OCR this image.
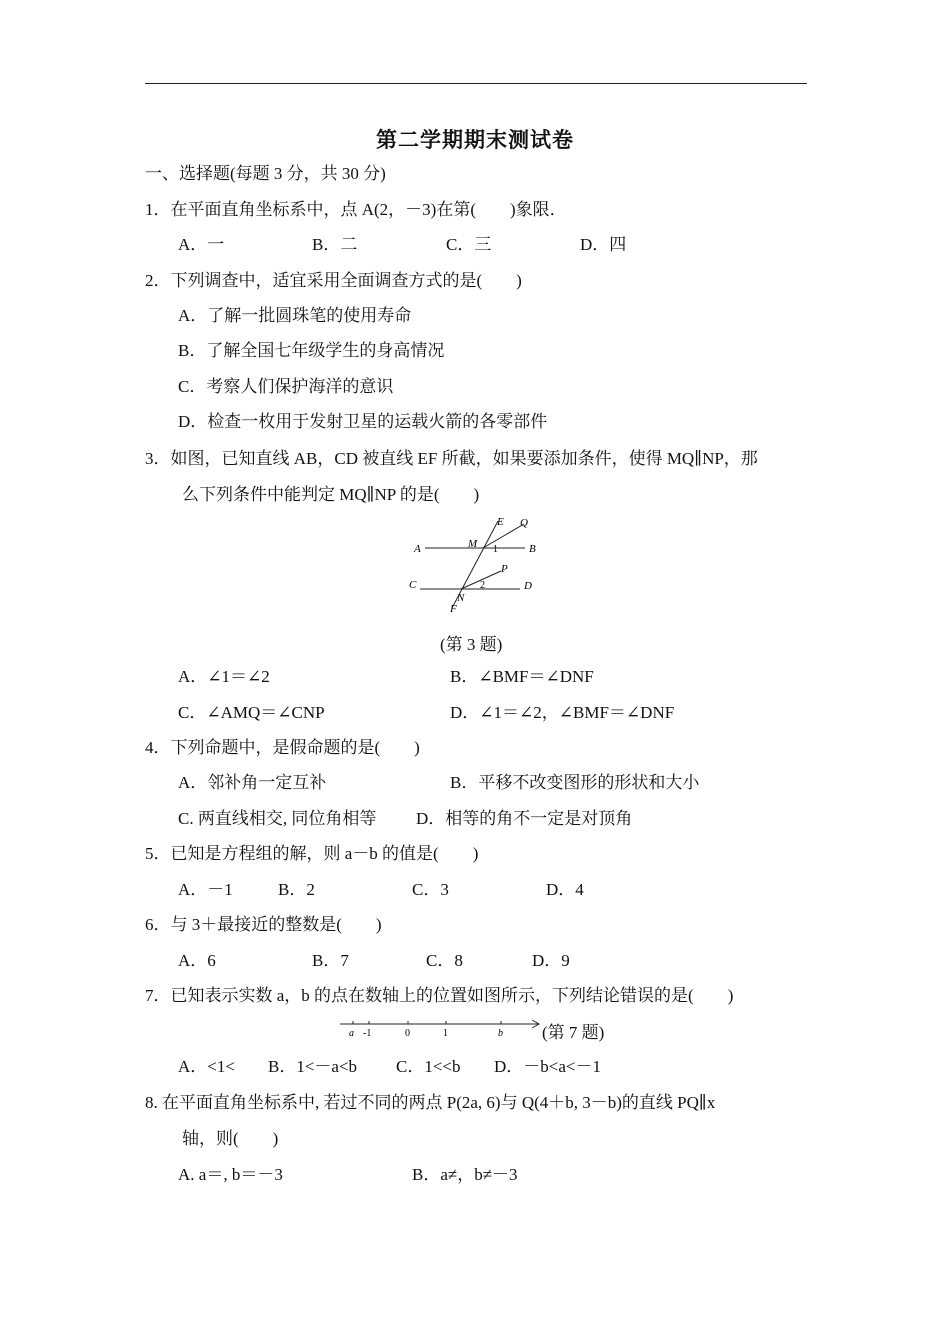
第二学期期末测试卷
一、选择题(每题 3 分，共 30 分)
1．在平面直角坐标系中，点 A(2，－3)在第(　　)象限．
A．一	B．二	C．三	D．四
2．下列调查中，适宜采用全面调查方式的是(　　)
A．了解一批圆珠笔的使用寿命
B．了解全国七年级学生的身高情况
C．考察人们保护海洋的意识
D．检查一枚用于发射卫星的运载火箭的各零部件
3．如图，已知直线 AB，CD 被直线 EF 所截，如果要添加条件，使得 MQ∥NP，那
么下列条件中能判定 MQ∥NP 的是(　　)
A	B
C	D
E Q
M 1
P
2
N
F
(第 3 题)
A．∠1＝∠2	B．∠BMF＝∠DNF
C．∠AMQ＝∠CNP	D．∠1＝∠2，∠BMF＝∠DNF
4．下列命题中，是假命题的是(　　)
A．邻补角一定互补	B．平移不改变图形的形状和大小
C. 两直线相交, 同位角相等 D．相等的角不一定是对顶角
5．已知是方程组的解，则 a－b 的值是(　　)
A．－1	B．2	C．3	D．4
6．与 3＋最接近的整数是(　　)
A．6	B．7	C．8	D．9
7．已知表示实数 a，b 的点在数轴上的位置如图所示，下列结论错误的是(　　)
a -1	0	1	b (第 7 题)
A．<1< B．1<－a<b C．1<<b D．－b<a<－1
8. 在平面直角坐标系中, 若过不同的两点 P(2a, 6)与 Q(4＋b, 3－b)的直线 PQ∥x
轴，则(　　)
A. a＝, b＝－3	B．a≠，b≠－3
